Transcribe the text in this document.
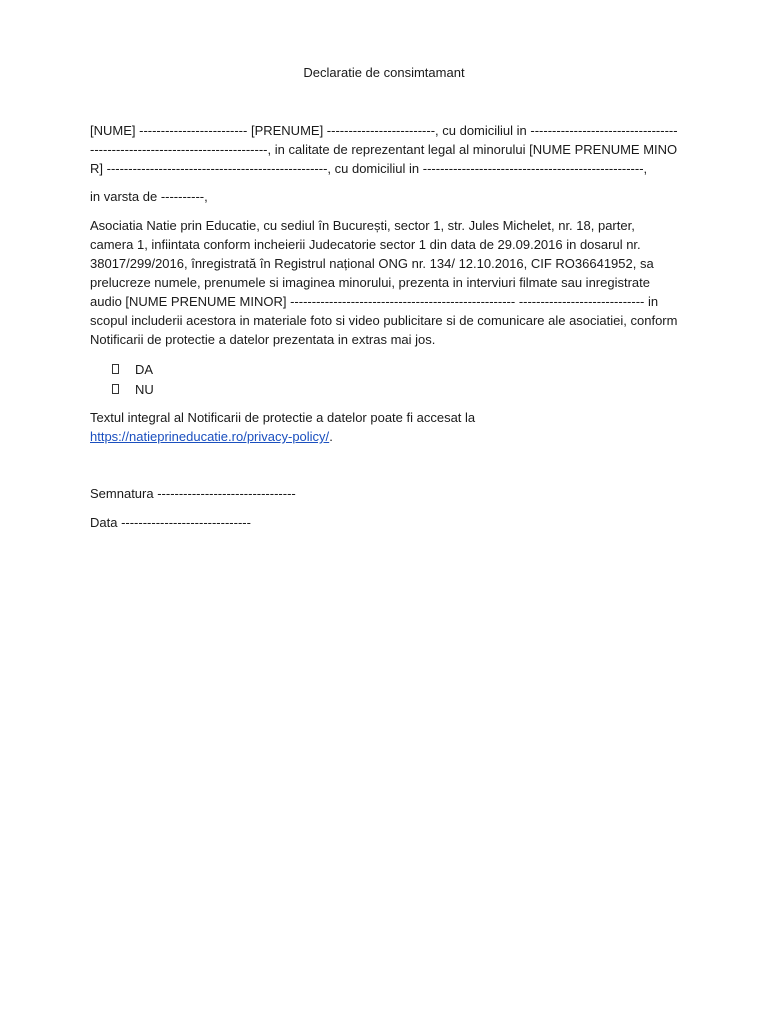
Declaratie de consimtamant

[NUME] ------------------------- [PRENUME] -------------------------, cu domiciliul in ---------------------------------------------------------------------------, in calitate de reprezentant legal al minorului [NUME PRENUME MINOR] ---------------------------------------------------, cu domiciliul in ---------------------------------------------------,

in varsta de ----------,

Asociatia Natie prin Educatie, cu sediul în București, sector 1, str. Jules Michelet, nr. 18, parter, camera 1, infiintata conform incheierii Judecatorie sector 1 din data de 29.09.2016 in dosarul nr. 38017/299/2016, înregistrată în Registrul național ONG nr. 134/ 12.10.2016, CIF RO36641952, sa prelucreze numele, prenumele si imaginea minorului, prezenta in interviuri filmate sau inregistrate audio [NUME PRENUME MINOR] ---------------------------------------------------- ----------------------------- in scopul includerii acestora in materiale foto si video publicitare si de comunicare ale asociatiei, conform Notificarii de protectie a datelor prezentata in extras mai jos.

DA
NU

Textul integral al Notificarii de protectie a datelor poate fi accesat la
https://natieprineducatie.ro/privacy-policy/.

Semnatura --------------------------------

Data ------------------------------
